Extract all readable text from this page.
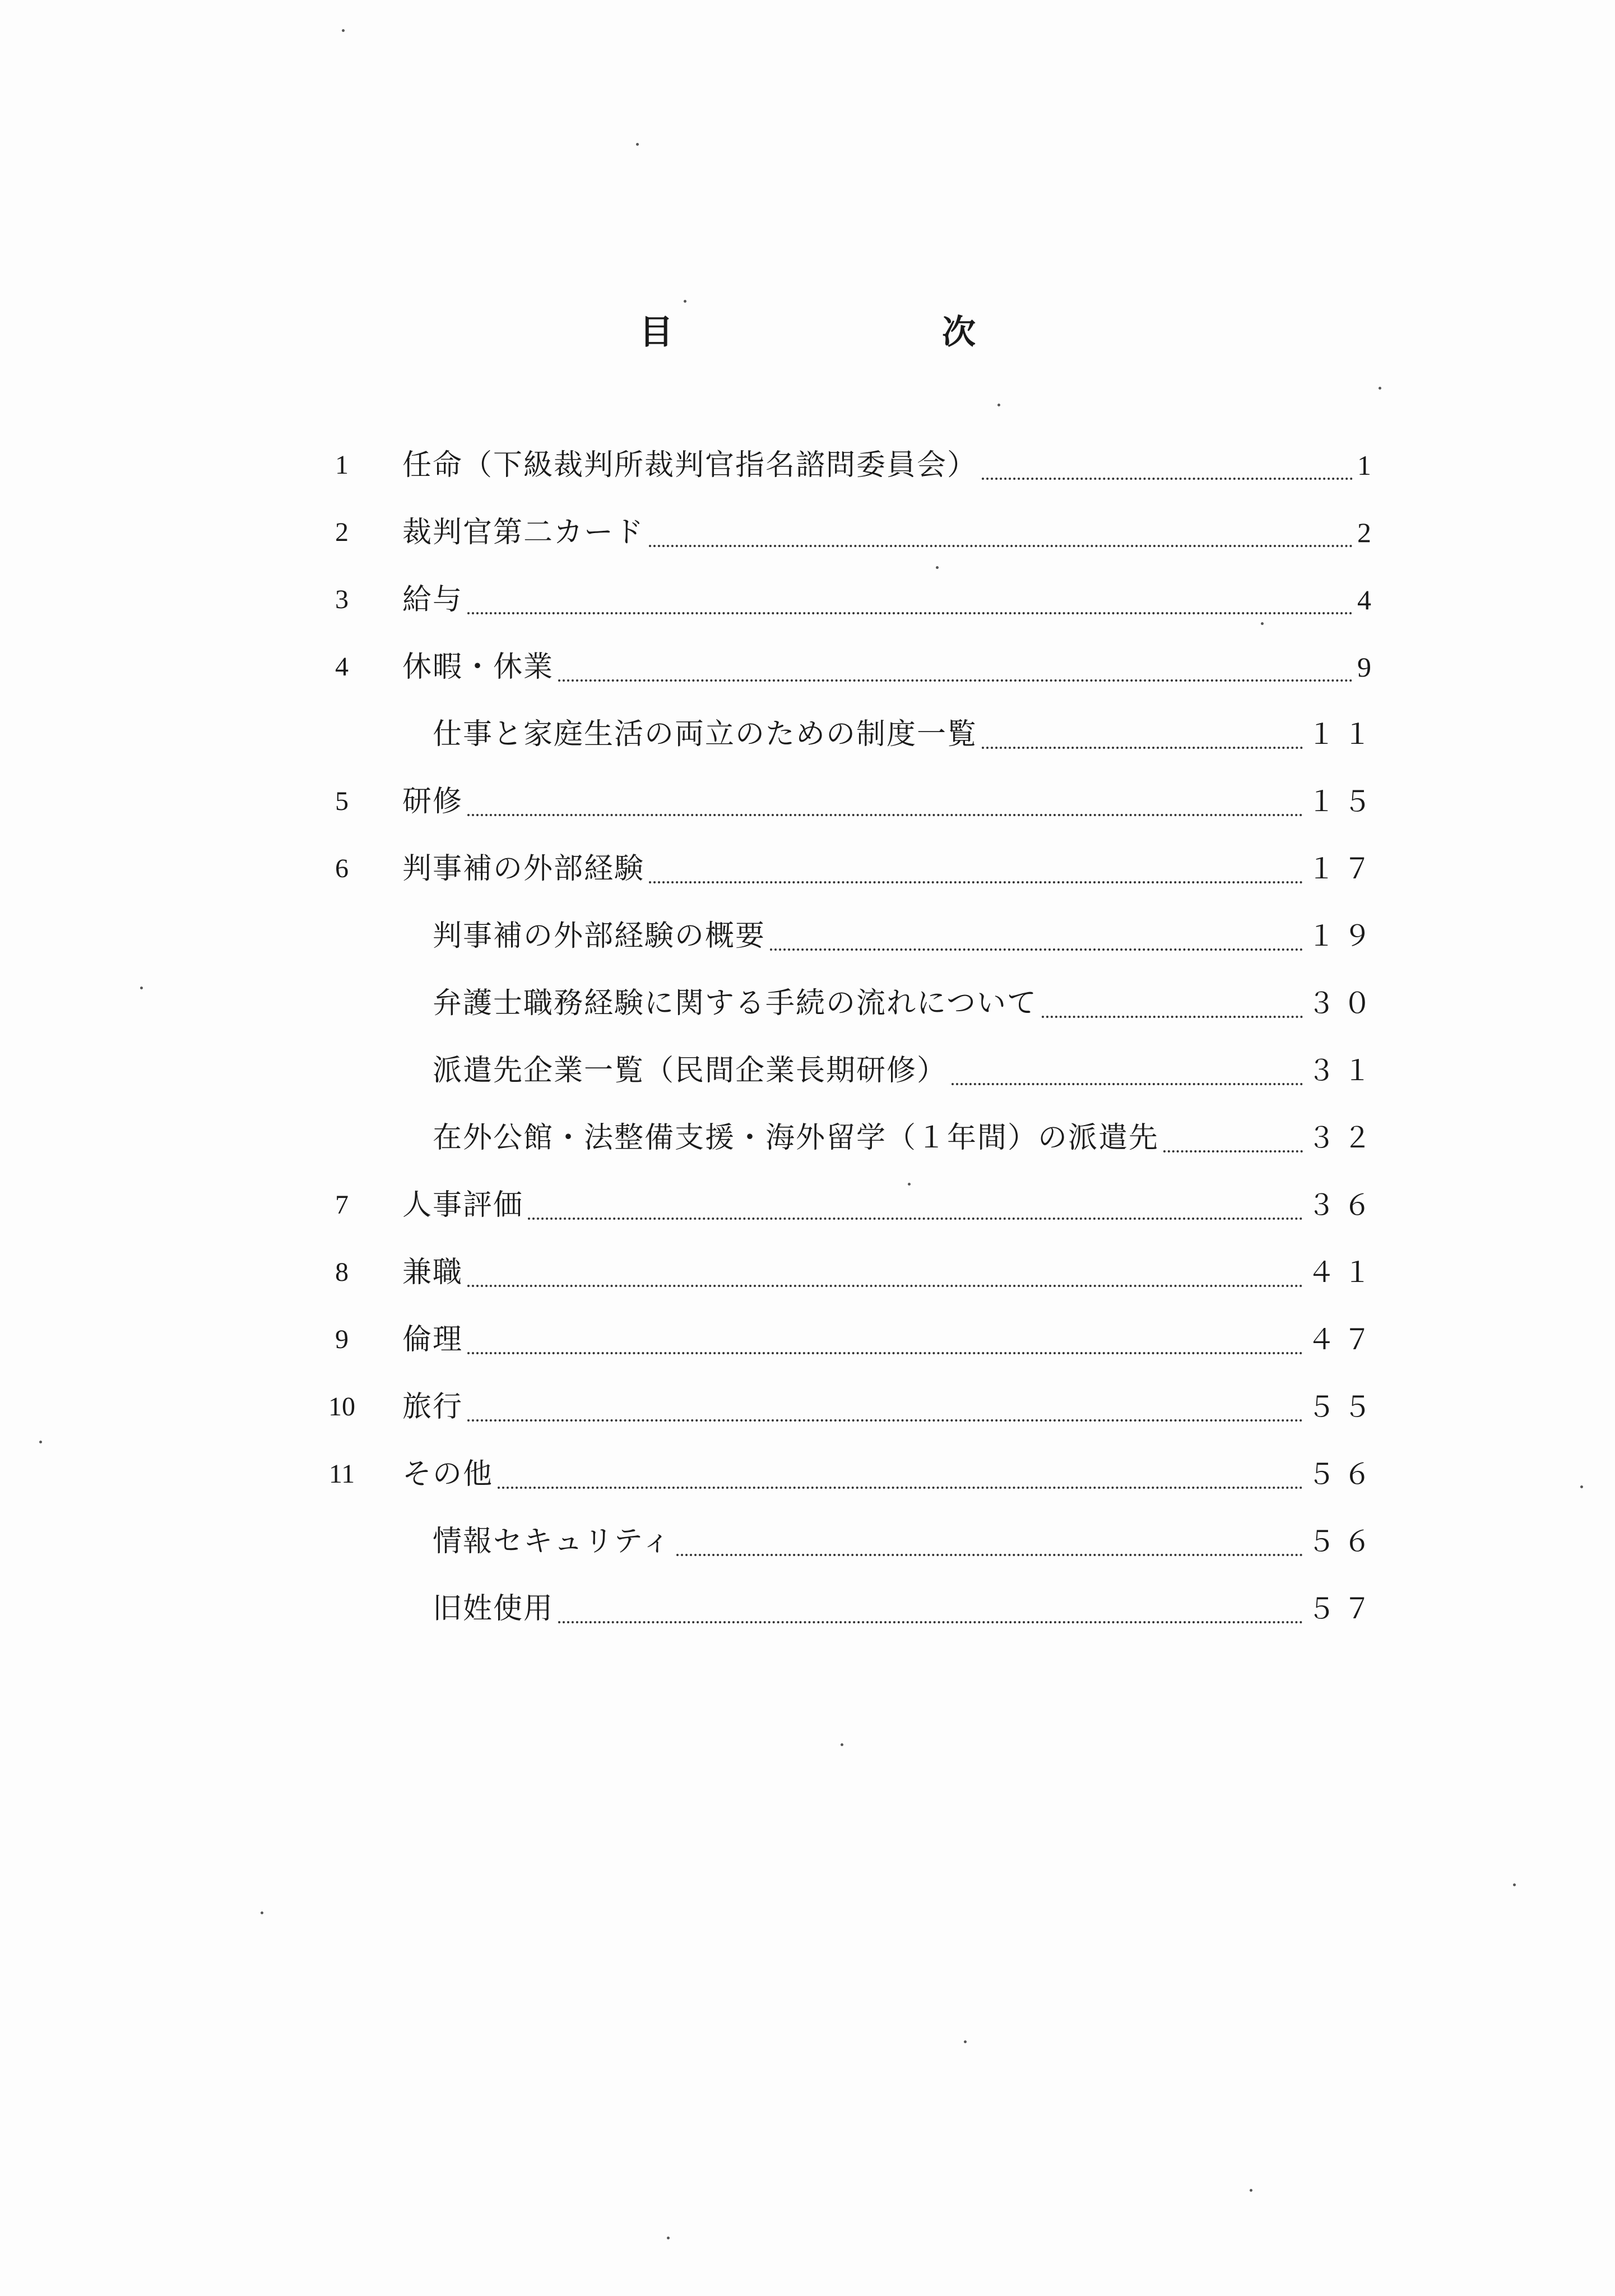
目　次
1	任命（下級裁判所裁判官指名諮問委員会）	1
2	裁判官第二カード	2
3	給与	4
4	休暇・休業	9
仕事と家庭生活の両立のための制度一覧	１１
5	研修	１５
6	判事補の外部経験	１７
判事補の外部経験の概要	１９
弁護士職務経験に関する手続の流れについて	３０
派遣先企業一覧（民間企業長期研修）	３１
在外公館・法整備支援・海外留学（１年間）の派遣先	３２
7	人事評価	３６
8	兼職	４１
9	倫理	４７
10	旅行	５５
11	その他	５６
情報セキュリティ	５６
旧姓使用	５７
